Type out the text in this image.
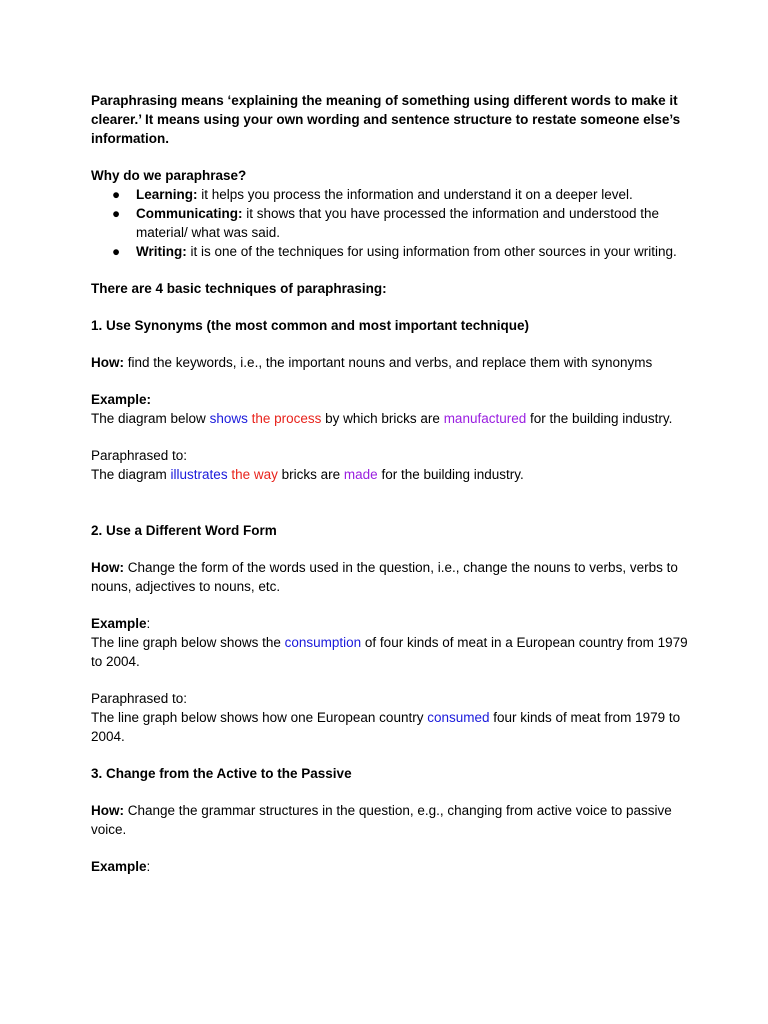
Paraphrasing means ‘explaining the meaning of something using different words to make it clearer.’ It means using your own wording and sentence structure to restate someone else’s information.

Why do we paraphrase?

● Learning: it helps you process the information and understand it on a deeper level.
● Communicating: it shows that you have processed the information and understood the material/ what was said.
● Writing: it is one of the techniques for using information from other sources in your writing.

There are 4 basic techniques of paraphrasing:

1. Use Synonyms (the most common and most important technique)

How: find the keywords, i.e., the important nouns and verbs, and replace them with synonyms

Example:

The diagram below shows the process by which bricks are manufactured for the building industry.

Paraphrased to:

The diagram illustrates the way bricks are made for the building industry.

2. Use a Different Word Form

How: Change the form of the words used in the question, i.e., change the nouns to verbs, verbs to nouns, adjectives to nouns, etc.

Example:

The line graph below shows the consumption of four kinds of meat in a European country from 1979 to 2004.

Paraphrased to:

The line graph below shows how one European country consumed four kinds of meat from 1979 to 2004.

3. Change from the Active to the Passive

How: Change the grammar structures in the question, e.g., changing from active voice to passive voice.

Example:
